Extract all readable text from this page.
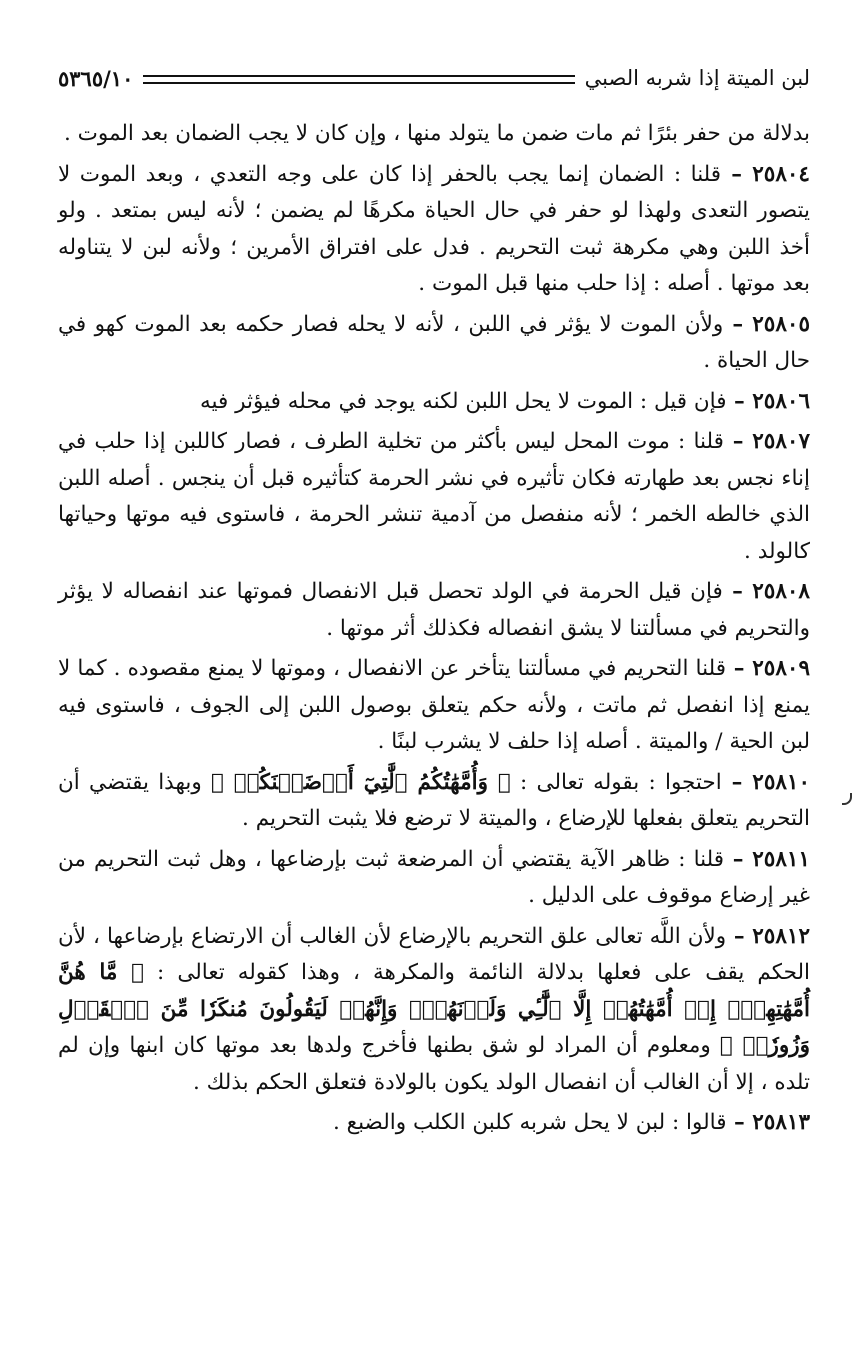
لبن الميتة إذا شربه الصبي
٥٣٦٥/١٠

بدلالة من حفر بئرًا ثم مات ضمن ما يتولد منها ، وإن كان لا يجب الضمان بعد الموت .

٢٥٨٠٤ – قلنا : الضمان إنما يجب بالحفر إذا كان على وجه التعدي ، وبعد الموت لا يتصور التعدى ولهذا لو حفر في حال الحياة مكرهًا لم يضمن ؛ لأنه ليس بمتعد . ولو أخذ اللبن وهي مكرهة ثبت التحريم . فدل على افتراق الأمرين ؛ ولأنه لبن لا يتناوله بعد موتها . أصله : إذا حلب منها قبل الموت .

٢٥٨٠٥ – ولأن الموت لا يؤثر في اللبن ، لأنه لا يحله فصار حكمه بعد الموت كهو في حال الحياة .

٢٥٨٠٦ – فإن قيل : الموت لا يحل اللبن لكنه يوجد في محله فيؤثر فيه

٢٥٨٠٧ – قلنا : موت المحل ليس بأكثر من تخلية الطرف ، فصار كاللبن إذا حلب في إناء نجس بعد طهارته فكان تأثيره في نشر الحرمة كتأثيره قبل أن ينجس . أصله اللبن الذي خالطه الخمر ؛ لأنه منفصل من آدمية تنشر الحرمة ، فاستوى فيه موتها وحياتها كالولد .

٢٥٨٠٨ – فإن قيل الحرمة في الولد تحصل قبل الانفصال فموتها عند انفصاله لا يؤثر والتحريم في مسألتنا لا يشق انفصاله فكذلك أثر موتها .

٢٥٨٠٩ – قلنا التحريم في مسألتنا يتأخر عن الانفصال ، وموتها لا يمنع مقصوده . كما لا يمنع إذا انفصل ثم ماتت ، ولأنه حكم يتعلق بوصول اللبن إلى الجوف ، فاستوى فيه لبن الحية / والميتة . أصله إذا حلف لا يشرب لبنًا .

٢٥٨١٠ – احتجوا : بقوله تعالى : ﴿ وَأُمَّهَٰتُكُمُ ٱلَّٰتِيٓ أَرۡضَعۡنَكُمۡ ﴾ وبهذا يقتضي أن التحريم يتعلق بفعلها للإرضاع ، والميتة لا ترضع فلا يثبت التحريم .

٢٥٨١١ – قلنا : ظاهر الآية يقتضي أن المرضعة ثبت بإرضاعها ، وهل ثبت التحريم من غير إرضاع موقوف على الدليل .

٢٥٨١٢ – ولأن اللَّه تعالى علق التحريم بالإرضاع لأن الغالب أن الارتضاع بإرضاعها ، لأن الحكم يقف على فعلها بدلالة النائمة والمكرهة ، وهذا كقوله تعالى : ﴿ مَّا هُنَّ أُمَّهَٰتِهِمۡۖ إِنۡ أُمَّهَٰتُهُمۡ إِلَّا ٱلَّٰٓـِٔي وَلَدۡنَهُمۡۚ وَإِنَّهُمۡ لَيَقُولُونَ مُنكَرٗا مِّنَ ٱلۡقَوۡلِ وَزُورٗاۚ ﴾ ومعلوم أن المراد لو شق بطنها فأخرج ولدها بعد موتها كان ابنها وإن لم تلده ، إلا أن الغالب أن انفصال الولد يكون بالولادة فتعلق الحكم بذلك .

٢٥٨١٣ – قالوا : لبن لا يحل شربه كلبن الكلب والضبع .
